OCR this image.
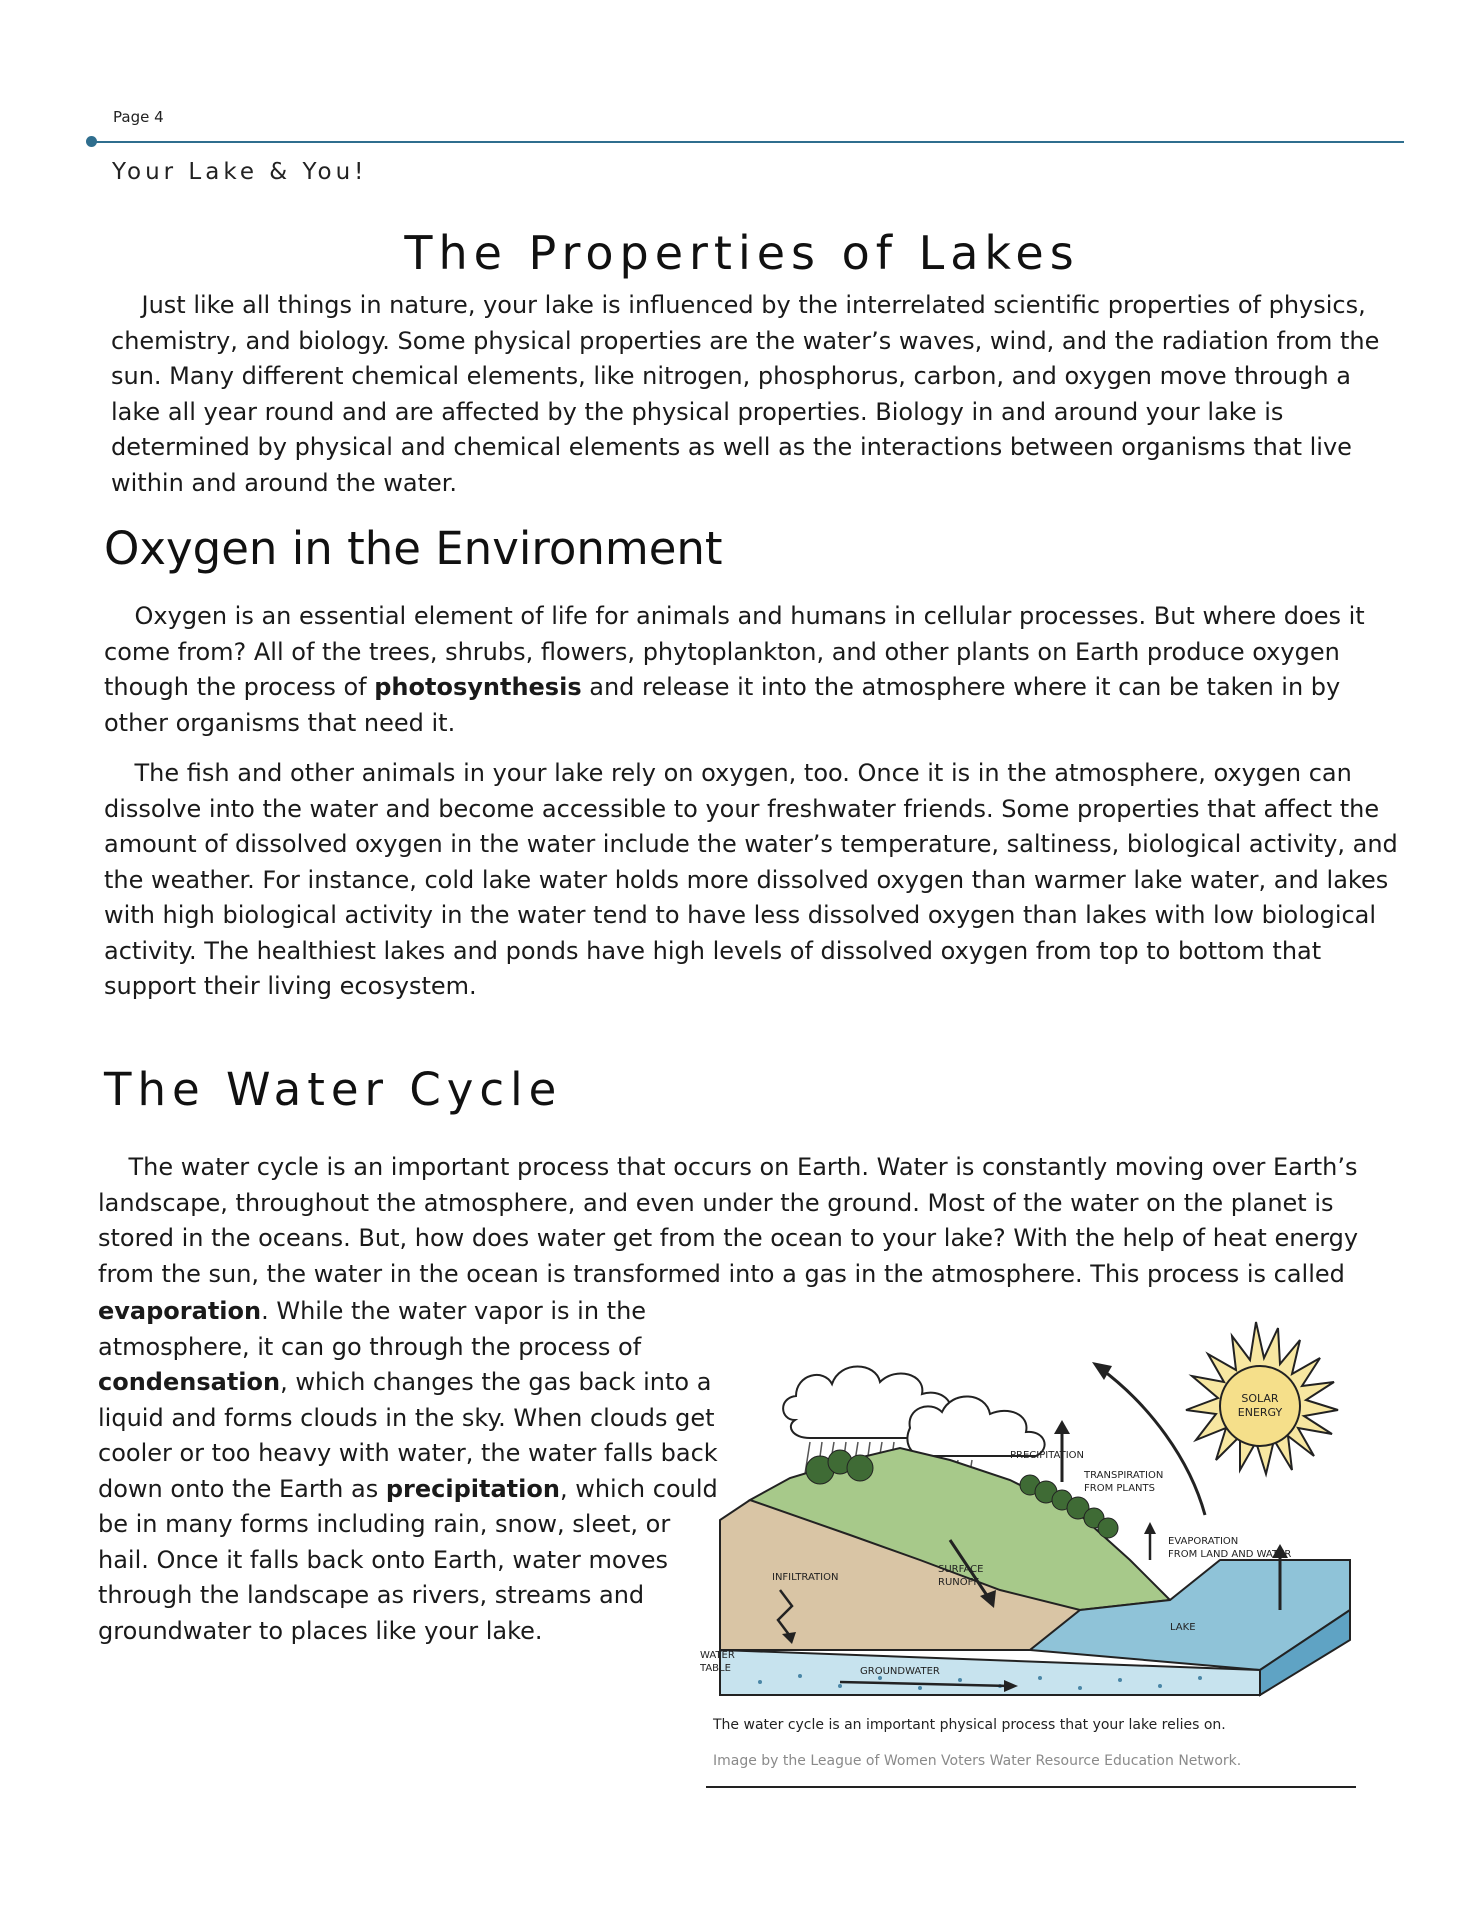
Page 4
Your Lake & You!
The Properties of Lakes

Just like all things in nature, your lake is influenced by the interrelated scientific properties of physics, chemistry, and biology. Some physical properties are the water’s waves, wind, and the radiation from the sun. Many different chemical elements, like nitrogen, phosphorus, carbon, and oxygen move through a lake all year round and are affected by the physical properties. Biology in and around your lake is determined by physical and chemical elements as well as the interactions between organisms that live within and around the water.

Oxygen in the Environment

Oxygen is an essential element of life for animals and humans in cellular processes. But where does it come from? All of the trees, shrubs, flowers, phytoplankton, and other plants on Earth produce oxygen though the process of photosynthesis and release it into the atmosphere where it can be taken in by other organisms that need it.

The fish and other animals in your lake rely on oxygen, too. Once it is in the atmosphere, oxygen can dissolve into the water and become accessible to your freshwater friends. Some properties that affect the amount of dissolved oxygen in the water include the water’s temperature, saltiness, biological activity, and the weather. For instance, cold lake water holds more dissolved oxygen than warmer lake water, and lakes with high biological activity in the water tend to have less dissolved oxygen than lakes with low biological activity. The healthiest lakes and ponds have high levels of dissolved oxygen from top to bottom that support their living ecosystem.

The Water Cycle

The water cycle is an important process that occurs on Earth. Water is constantly moving over Earth’s landscape, throughout the atmosphere, and even under the ground. Most of the water on the planet is stored in the oceans. But, how does water get from the ocean to your lake? With the help of heat energy from the sun, the water in the ocean is transformed into a gas in the atmosphere. This process is called

evaporation. While the water vapor is in the atmosphere, it can go through the process of condensation, which changes the gas back into a liquid and forms clouds in the sky. When clouds get cooler or too heavy with water, the water falls back down onto the Earth as precipitation, which could be in many forms including rain, snow, sleet, or hail. Once it falls back onto Earth, water moves through the landscape as rivers, streams and groundwater to places like your lake.

SOLAR
ENERGY
PRECIPITATION
TRANSPIRATION
FROM PLANTS
EVAPORATION
FROM LAND AND WATER
SURFACE
RUNOFF
INFILTRATION
LAKE
WATER
TABLE	GROUNDWATER
The water cycle is an important physical process that your lake relies on.
Image by the League of Women Voters Water Resource Education Network.
